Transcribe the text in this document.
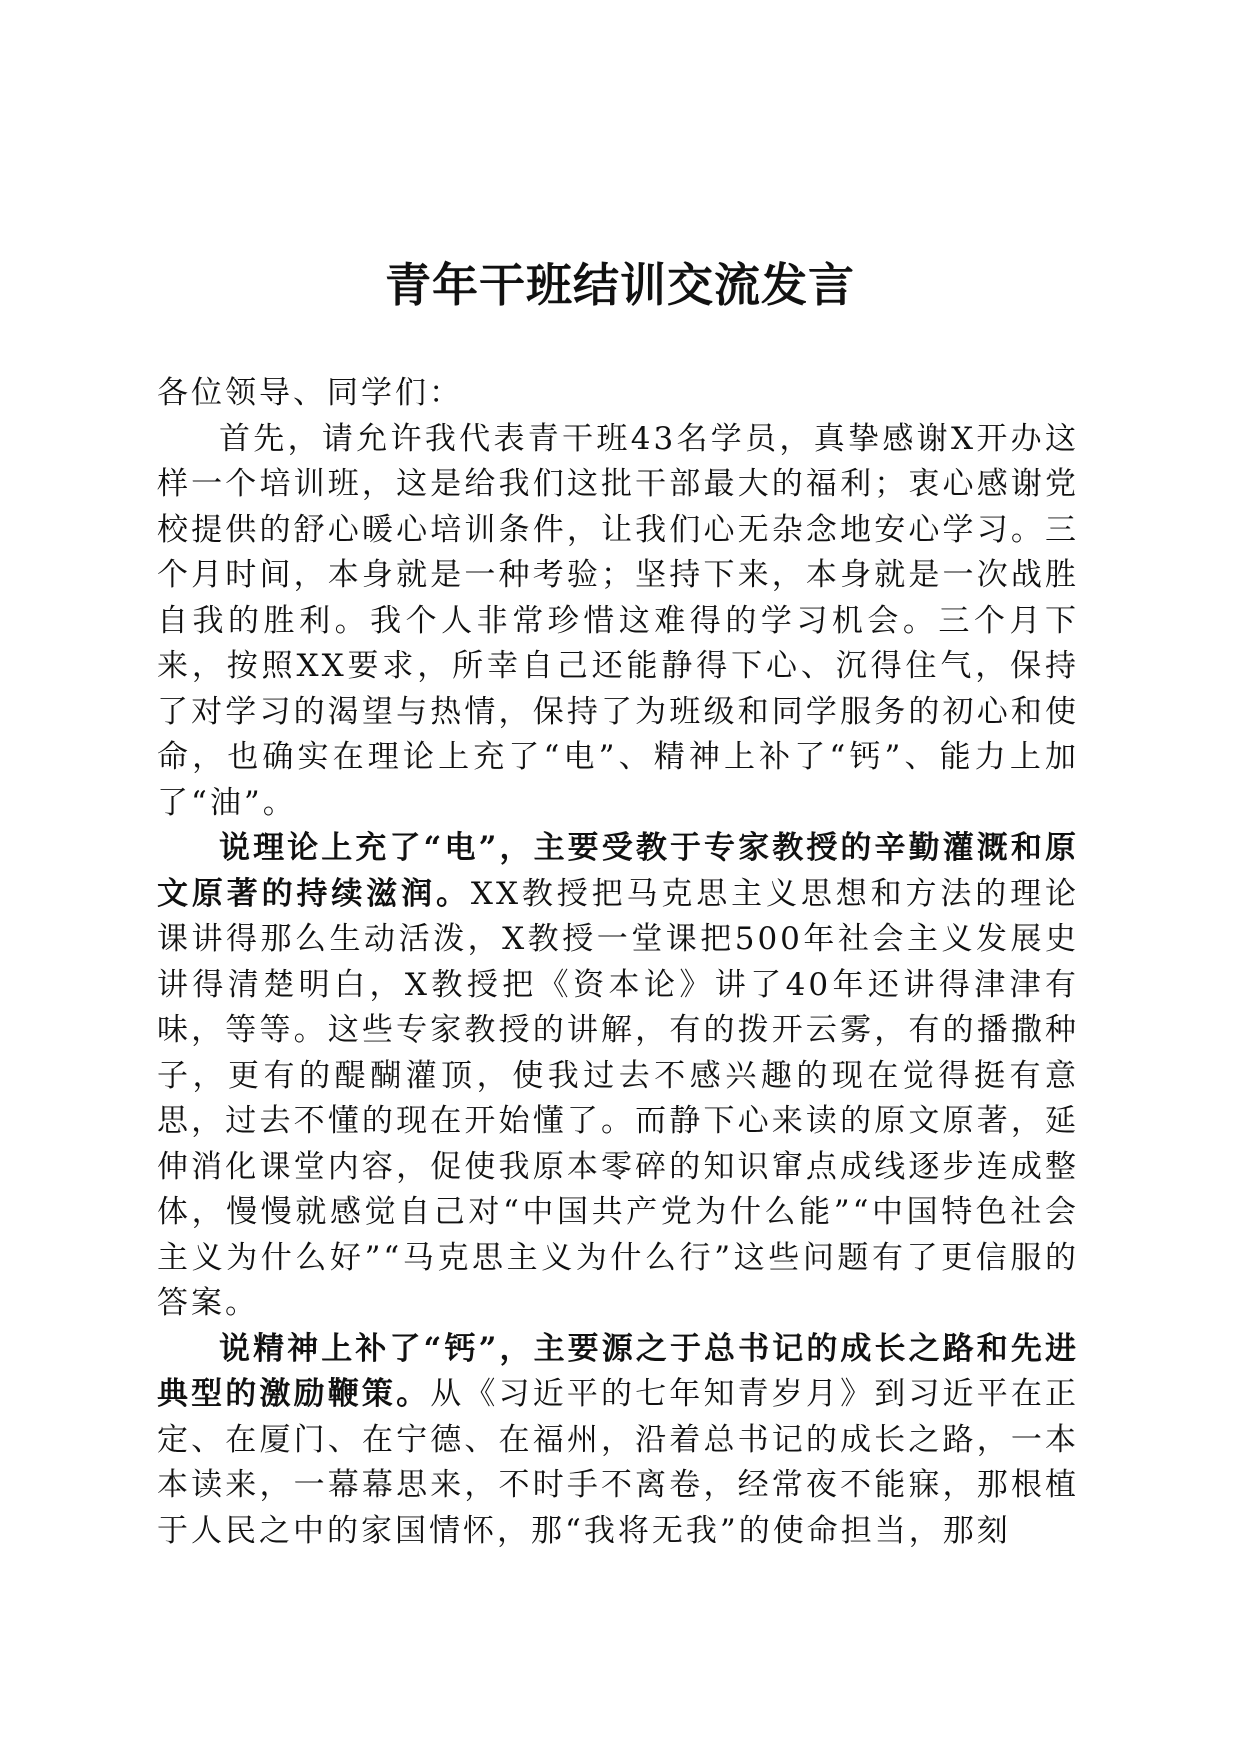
青年干班结训交流发言

各位领导、同学们：

首先，请允许我代表青干班43名学员，真挚感谢X开办这样一个培训班，这是给我们这批干部最大的福利；衷心感谢党校提供的舒心暖心培训条件，让我们心无杂念地安心学习。三个月时间，本身就是一种考验；坚持下来，本身就是一次战胜自我的胜利。我个人非常珍惜这难得的学习机会。三个月下来，按照XX要求，所幸自己还能静得下心、沉得住气，保持了对学习的渴望与热情，保持了为班级和同学服务的初心和使命，也确实在理论上充了“电”、精神上补了“钙”、能力上加了“油”。

说理论上充了“电”，主要受教于专家教授的辛勤灌溉和原文原著的持续滋润。XX教授把马克思主义思想和方法的理论课讲得那么生动活泼，X教授一堂课把500年社会主义发展史讲得清楚明白，X教授把《资本论》讲了40年还讲得津津有味，等等。这些专家教授的讲解，有的拨开云雾，有的播撒种子，更有的醍醐灌顶，使我过去不感兴趣的现在觉得挺有意思，过去不懂的现在开始懂了。而静下心来读的原文原著，延伸消化课堂内容，促使我原本零碎的知识窜点成线逐步连成整体，慢慢就感觉自己对“中国共产党为什么能”“中国特色社会主义为什么好”“马克思主义为什么行”这些问题有了更信服的答案。

说精神上补了“钙”，主要源之于总书记的成长之路和先进典型的激励鞭策。从《习近平的七年知青岁月》到习近平在正定、在厦门、在宁德、在福州，沿着总书记的成长之路，一本本读来，一幕幕思来，不时手不离卷，经常夜不能寐，那根植于人民之中的家国情怀，那“我将无我”的使命担当，那刻
